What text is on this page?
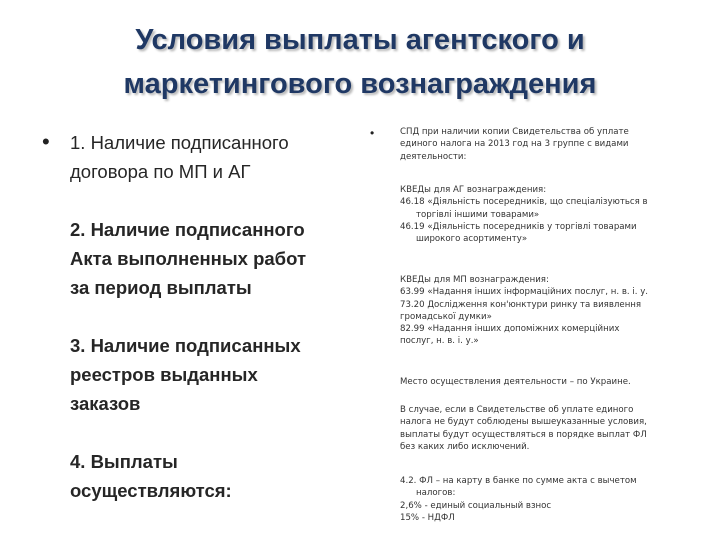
Условия выплаты агентского и
маркетингового вознаграждения
• 1. Наличие подписанного
договора по МП и АГ
2. Наличие подписанного
Акта выполненных работ
за период выплаты
3. Наличие подписанных
реестров выданных
заказов
4. Выплаты
осуществляются:
•	СПД при наличии копии Свидетельства об уплате
единого налога на 2013 год на 3 группе с видами
деятельности:
КВЕДы для АГ вознаграждения:
46.18 «Діяльність посередників, що спеціалізуються в
торгівлі іншими товарами»
46.19 «Діяльність посередників у торгівлі товарами
широкого асортименту»
КВЕДы для МП вознаграждения:
63.99 «Надання інших інформаційних послуг, н. в. і. у.
73.20 Дослідження кон'юнктури ринку та виявлення
громадської думки»
82.99 «Надання інших допоміжних комерційних
послуг, н. в. і. у.»
Место осуществления деятельности – по Украине.
В случае, если в Свидетельстве об уплате единого
налога не будут соблюдены вышеуказанные условия,
выплаты будут осуществляться в порядке выплат ФЛ
без каких либо исключений.
4.2. ФЛ – на карту в банке по сумме акта с вычетом
налогов:
2,6% - единый социальный взнос
15% - НДФЛ
